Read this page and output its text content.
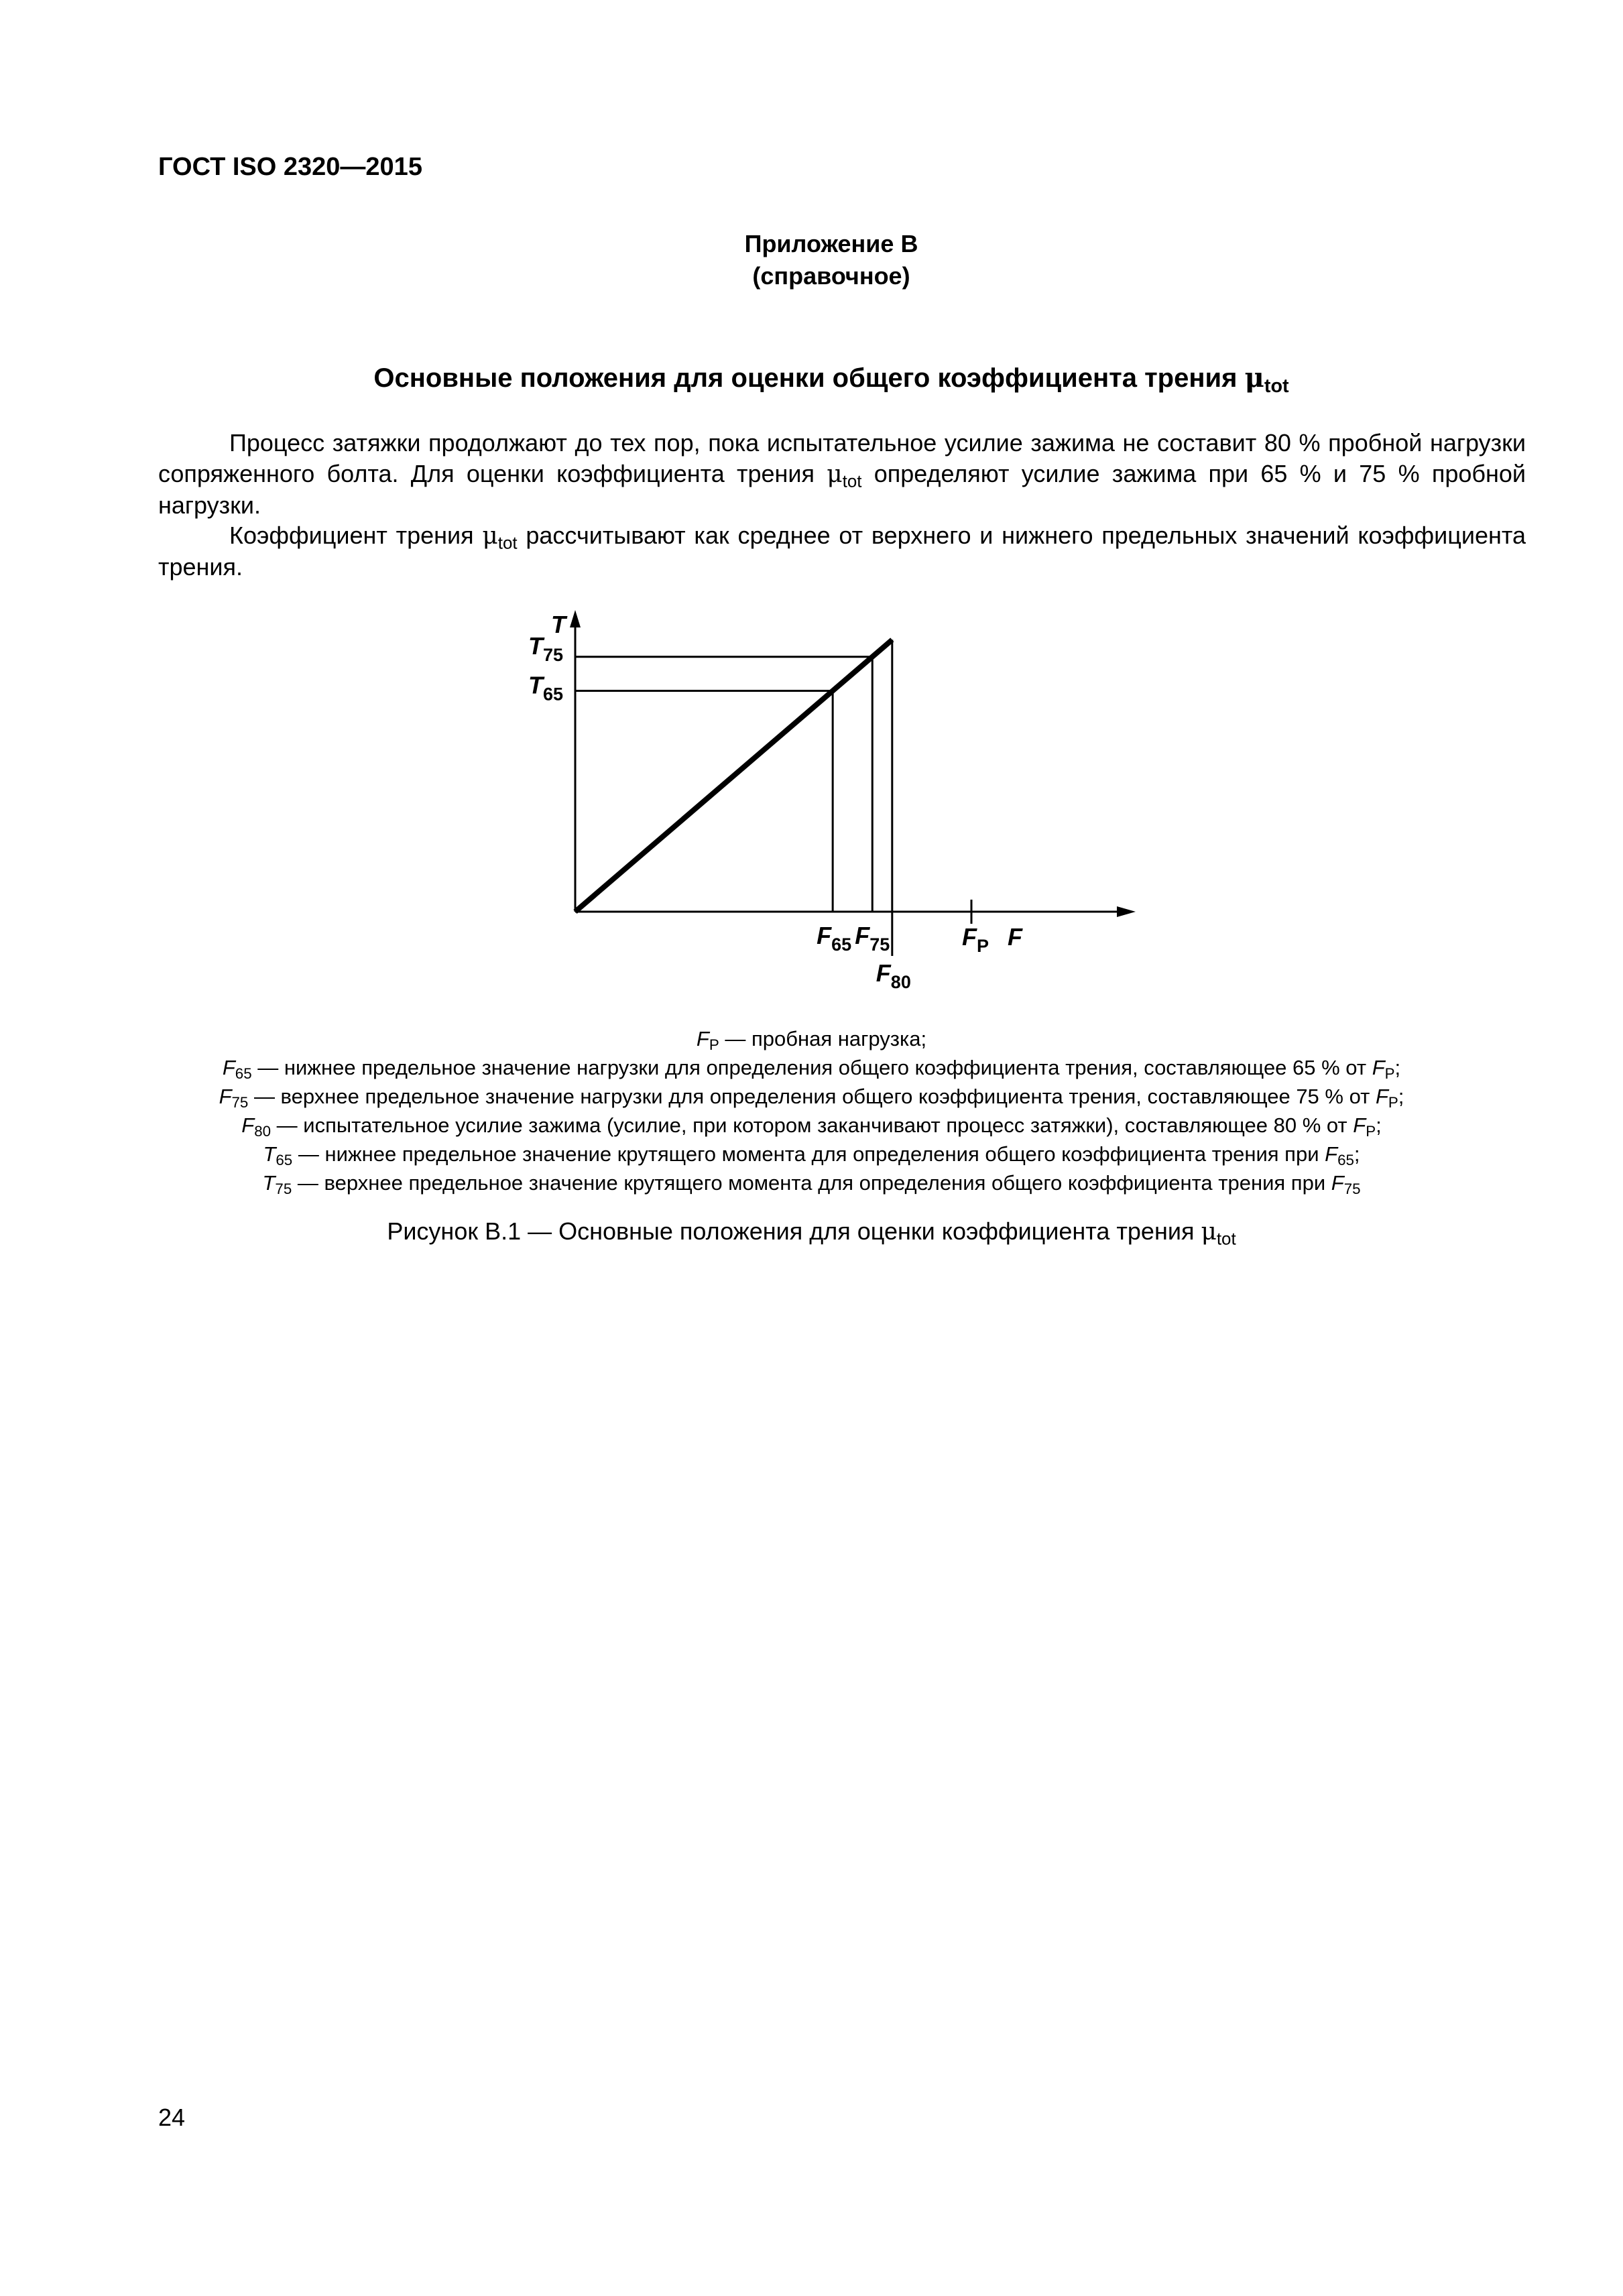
ГОСТ ISO 2320—2015
Приложение В
(справочное)
Основные положения для оценки общего коэффициента трения $\mu_{tot}$
Процесс затяжки продолжают до тех пор, пока испытательное усилие зажима не составит 80 % пробной нагрузки сопряженного болта. Для оценки коэффициента трения $\mu_{tot}$ определяют усилие зажима при 65 % и 75 % пробной нагрузки.
Коэффициент трения $\mu_{tot}$ рассчитывают как среднее от верхнего и нижнего предельных значений коэффициента трения.
T
F
$T_{75}$
$T_{65}$
$F_{65}$ $F_{75}$
$F_{80}$
$F_P$
$F_P$ — пробная нагрузка;
$F_{65}$ — нижнее предельное значение нагрузки для определения общего коэффициента трения, составляющее 65 % от $F_P$;
$F_{75}$ — верхнее предельное значение нагрузки для определения общего коэффициента трения, составляющее 75 % от $F_P$;
$F_{80}$ — испытательное усилие зажима (усилие, при котором заканчивают процесс затяжки), составляющее 80 % от $F_P$;
$T_{65}$ — нижнее предельное значение крутящего момента для определения общего коэффициента трения при $F_{65}$;
$T_{75}$ — верхнее предельное значение крутящего момента для определения общего коэффициента трения при $F_{75}$
Рисунок В.1 — Основные положения для оценки коэффициента трения $\mu_{tot}$
24
